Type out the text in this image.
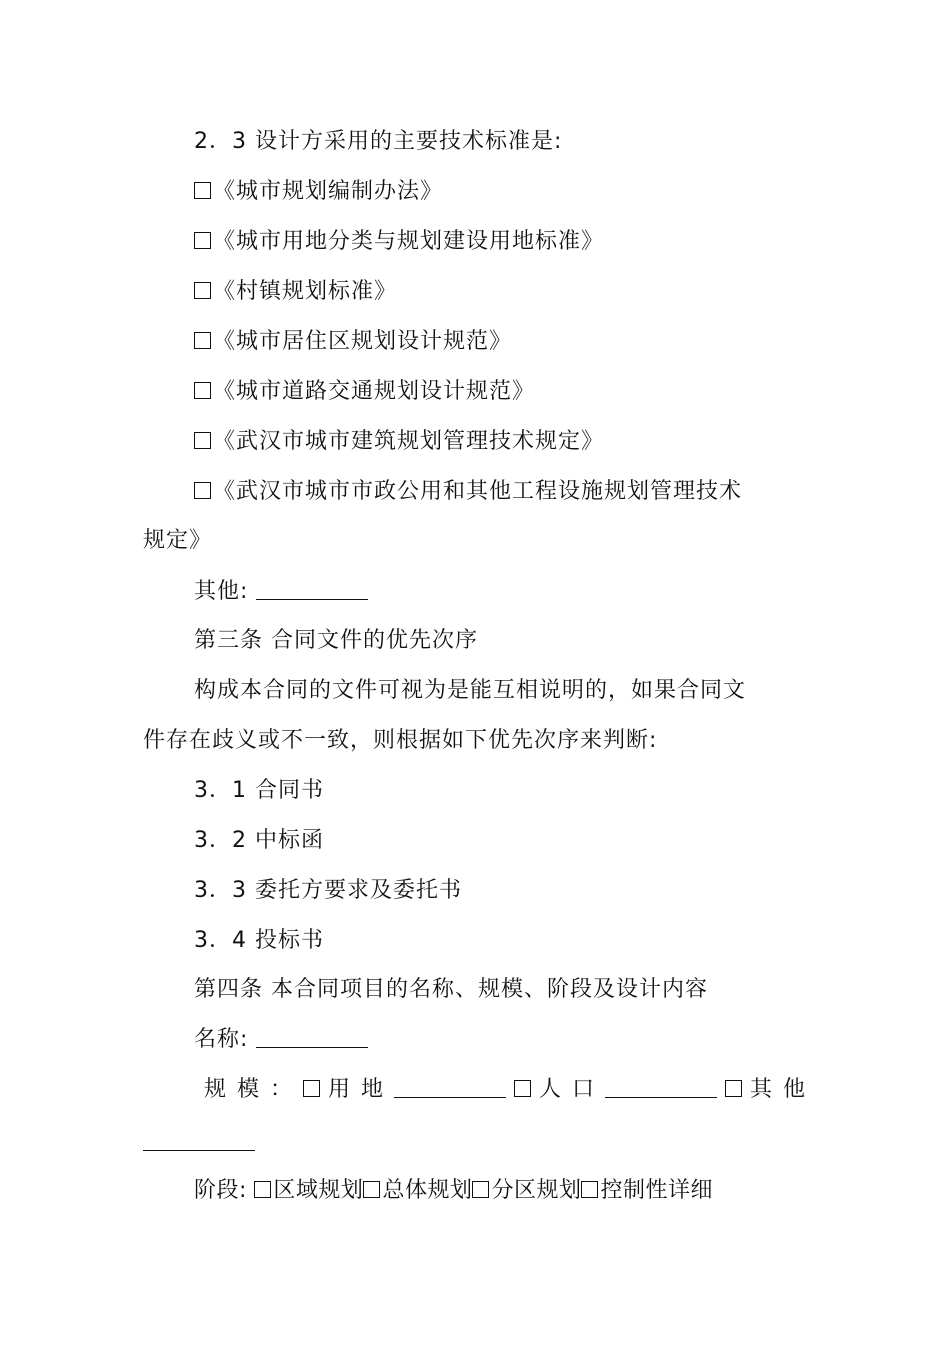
2．3 设计方采用的主要技术标准是:
《城市规划编制办法》
《城市用地分类与规划建设用地标准》
《村镇规划标准》
《城市居住区规划设计规范》
《城市道路交通规划设计规范》
《武汉市城市建筑规划管理技术规定》
《武汉市城市市政公用和其他工程设施规划管理技术
规定》
其他:
第三条 合同文件的优先次序
构成本合同的文件可视为是能互相说明的，如果合同文
件存在歧义或不一致，则根据如下优先次序来判断:
3．1 合同书
3．2 中标函
3．3 委托方要求及委托书
3．4 投标书
第四条 本合同项目的名称、规模、阶段及设计内容
名称:
规模： 用地	人口	其他
阶段: 区域规划 总体规划 分区规划 控制性详细
